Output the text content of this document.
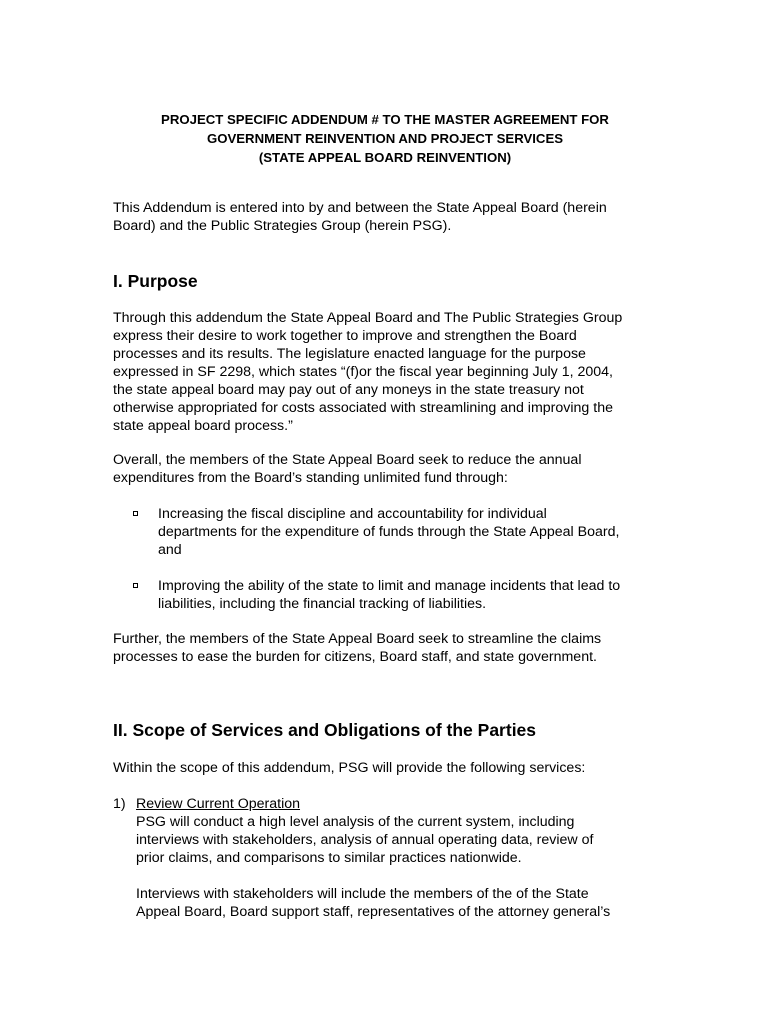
PROJECT SPECIFIC ADDENDUM # TO THE MASTER AGREEMENT FOR
GOVERNMENT REINVENTION AND PROJECT SERVICES
(STATE APPEAL BOARD REINVENTION)
This Addendum is entered into by and between the State Appeal Board (herein
Board) and the Public Strategies Group (herein PSG).
I. Purpose
Through this addendum the State Appeal Board and The Public Strategies Group
express their desire to work together to improve and strengthen the Board
processes and its results. The legislature enacted language for the purpose
expressed in SF 2298, which states “(f)or the fiscal year beginning July 1, 2004,
the state appeal board may pay out of any moneys in the state treasury not
otherwise appropriated for costs associated with streamlining and improving the
state appeal board process.”
Overall, the members of the State Appeal Board seek to reduce the annual
expenditures from the Board’s standing unlimited fund through:
Increasing the fiscal discipline and accountability for individual
departments for the expenditure of funds through the State Appeal Board,
and
Improving the ability of the state to limit and manage incidents that lead to
liabilities, including the financial tracking of liabilities.
Further, the members of the State Appeal Board seek to streamline the claims
processes to ease the burden for citizens, Board staff, and state government.
II. Scope of Services and Obligations of the Parties
Within the scope of this addendum, PSG will provide the following services:
1) Review Current Operation
PSG will conduct a high level analysis of the current system, including
interviews with stakeholders, analysis of annual operating data, review of
prior claims, and comparisons to similar practices nationwide.
Interviews with stakeholders will include the members of the of the State
Appeal Board, Board support staff, representatives of the attorney general’s
